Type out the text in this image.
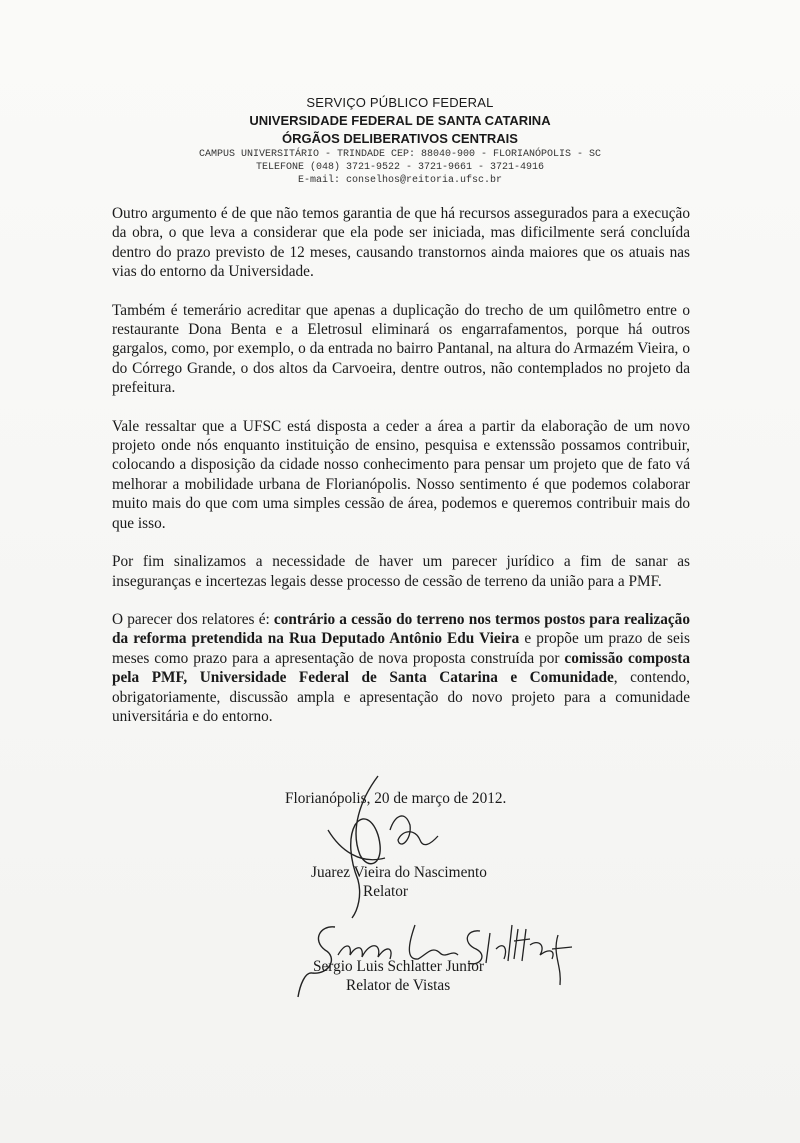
SERVIÇO PÚBLICO FEDERAL
UNIVERSIDADE FEDERAL DE SANTA CATARINA
ÓRGÃOS DELIBERATIVOS CENTRAIS
CAMPUS UNIVERSITÁRIO - TRINDADE CEP: 88040-900 - FLORIANÓPOLIS - SC
TELEFONE (048) 3721-9522 - 3721-9661 - 3721-4916
E-mail: conselhos@reitoria.ufsc.br

Outro argumento é de que não temos garantia de que há recursos assegurados para a execução da obra, o que leva a considerar que ela pode ser iniciada, mas dificilmente será concluída dentro do prazo previsto de 12 meses, causando transtornos ainda maiores que os atuais nas vias do entorno da Universidade.

Também é temerário acreditar que apenas a duplicação do trecho de um quilômetro entre o restaurante Dona Benta e a Eletrosul eliminará os engarrafamentos, porque há outros gargalos, como, por exemplo, o da entrada no bairro Pantanal, na altura do Armazém Vieira, o do Córrego Grande, o dos altos da Carvoeira, dentre outros, não contemplados no projeto da prefeitura.

Vale ressaltar que a UFSC está disposta a ceder a área a partir da elaboração de um novo projeto onde nós enquanto instituição de ensino, pesquisa e extenssão possamos contribuir, colocando a disposição da cidade nosso conhecimento para pensar um projeto que de fato vá melhorar a mobilidade urbana de Florianópolis. Nosso sentimento é que podemos colaborar muito mais do que com uma simples cessão de área, podemos e queremos contribuir mais do que isso.

Por fim sinalizamos a necessidade de haver um parecer jurídico a fim de sanar as inseguranças e incertezas legais desse processo de cessão de terreno da união para a PMF.

O parecer dos relatores é: contrário a cessão do terreno nos termos postos para realização da reforma pretendida na Rua Deputado Antônio Edu Vieira e propõe um prazo de seis meses como prazo para a apresentação de nova proposta construída por comissão composta pela PMF, Universidade Federal de Santa Catarina e Comunidade, contendo, obrigatoriamente, discussão ampla e apresentação do novo projeto para a comunidade universitária e do entorno.

Florianópolis, 20 de março de 2012.
Juarez Vieira do Nascimento
Relator
Sergio Luis Schlatter Junior
Relator de Vistas
